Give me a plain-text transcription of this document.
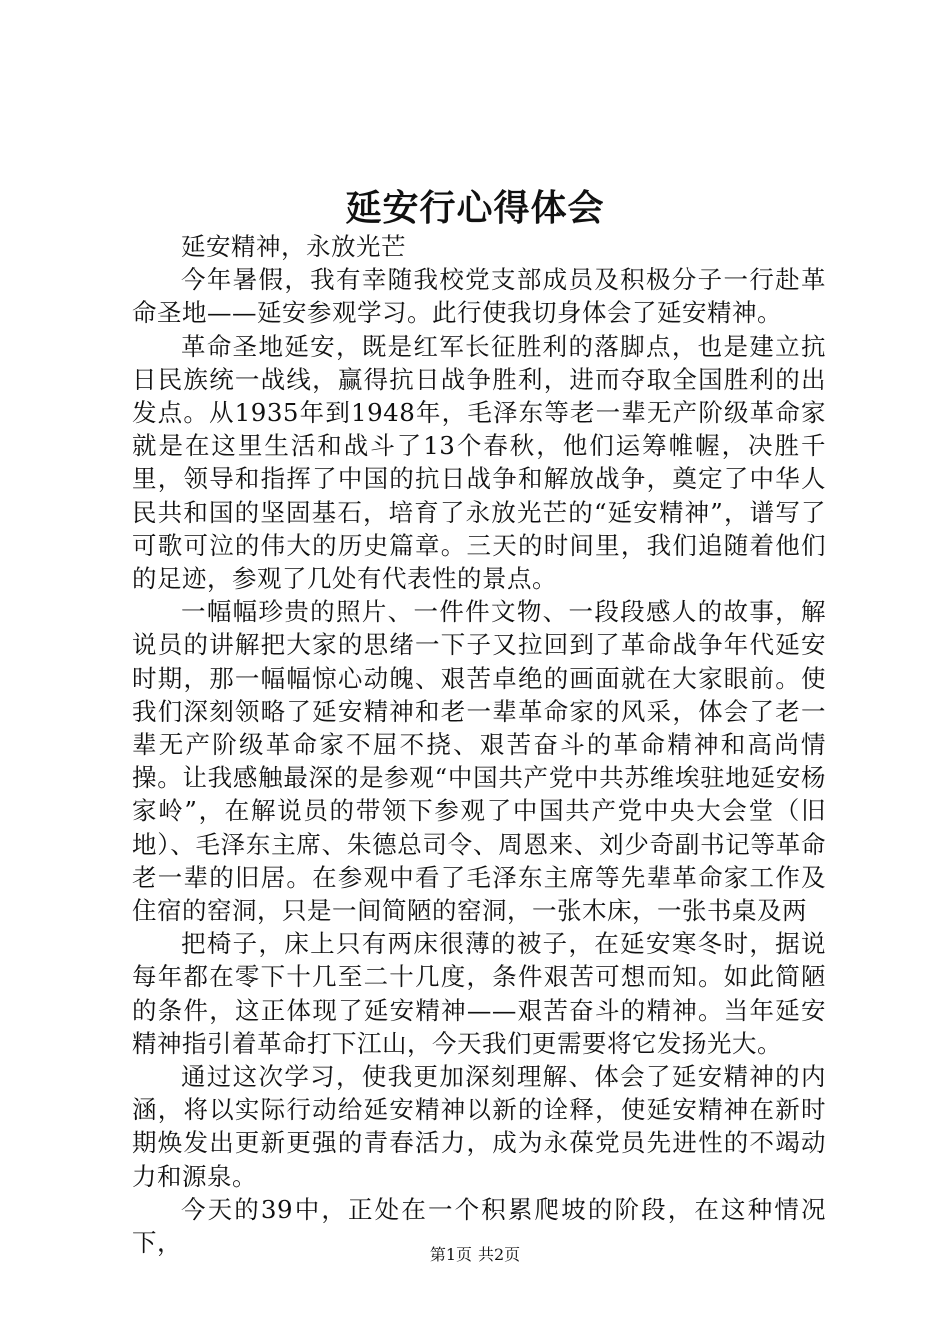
延安行心得体会

延安精神，永放光芒

今年暑假，我有幸随我校党支部成员及积极分子一行赴革命圣地——延安参观学习。此行使我切身体会了延安精神。

革命圣地延安，既是红军长征胜利的落脚点，也是建立抗日民族统一战线，赢得抗日战争胜利，进而夺取全国胜利的出发点。从1935年到1948年，毛泽东等老一辈无产阶级革命家就是在这里生活和战斗了13个春秋，他们运筹帷幄，决胜千里，领导和指挥了中国的抗日战争和解放战争，奠定了中华人民共和国的坚固基石，培育了永放光芒的“延安精神”，谱写了可歌可泣的伟大的历史篇章。三天的时间里，我们追随着他们的足迹，参观了几处有代表性的景点。

一幅幅珍贵的照片、一件件文物、一段段感人的故事，解说员的讲解把大家的思绪一下子又拉回到了革命战争年代延安时期，那一幅幅惊心动魄、艰苦卓绝的画面就在大家眼前。使我们深刻领略了延安精神和老一辈革命家的风采，体会了老一辈无产阶级革命家不屈不挠、艰苦奋斗的革命精神和高尚情操。让我感触最深的是参观“中国共产党中共苏维埃驻地延安杨家岭”，在解说员的带领下参观了中国共产党中央大会堂（旧地）、毛泽东主席、朱德总司令、周恩来、刘少奇副书记等革命老一辈的旧居。在参观中看了毛泽东主席等先辈革命家工作及住宿的窑洞，只是一间简陋的窑洞，一张木床，一张书桌及两

把椅子，床上只有两床很薄的被子，在延安寒冬时，据说每年都在零下十几至二十几度，条件艰苦可想而知。如此简陋的条件，这正体现了延安精神——艰苦奋斗的精神。当年延安精神指引着革命打下江山，今天我们更需要将它发扬光大。

通过这次学习，使我更加深刻理解、体会了延安精神的内涵，将以实际行动给延安精神以新的诠释，使延安精神在新时期焕发出更新更强的青春活力，成为永葆党员先进性的不竭动力和源泉。

今天的39中，正处在一个积累爬坡的阶段，在这种情况下，	第1页 共2页
